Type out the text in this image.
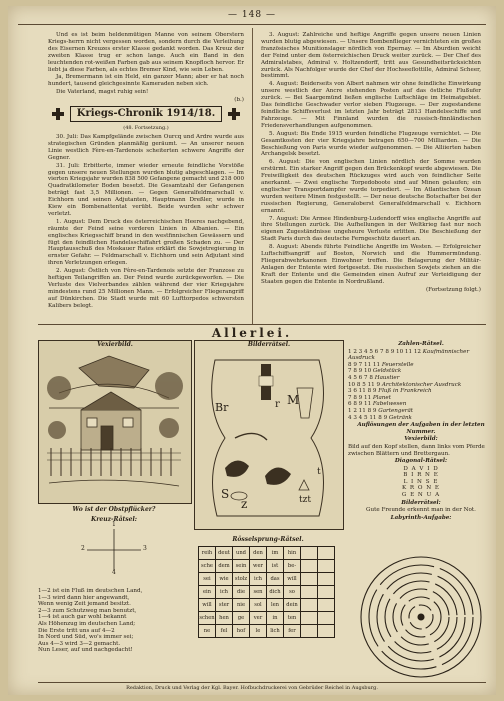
— 148 —

Und es ist beim heldenmütigen Manne von seinem Oberstern Kriegs-herrn nicht vergessen worden, sondern durch die Verleihung des Eisernen Kreuzes erster Klasse gedankt worden. Das Kreuz der zweiten Klasse trug er schon lange. Auch ein Band in den leuchtenden rot-weißen Farben gab aus seinem Knopfloch hervor. Er liebt ja diese Farben, als echtes Bremer Kind, wie sein Leben.

Ja, Bremermann ist ein Held, ein ganzer Mann; aber er hat noch hundert, tausend gleichgesinnte Kameraden neben sich.

Die Vaterland, magst ruhig sein!

(b.)
Kriegs-Chronik 1914/18.
(48. Fortsetzung.)

30. Juli: Das Kampfgelände zwischen Ourcq und Ardre wurde aus strategischen Gründen planmäßig geräumt. — An unserer neuen Linie westlich Fère-en-Tardenois scheiterten schwere Angriffe der Gegner.

31. Juli: Erbitterte, immer wieder erneute feindliche Vorstöße gegen unsere neuen Stellungen wurden blutig abgeschlagen. — Im vierten Kriegsjahr wurden 838 500 Gefangene gemacht und 218 000 Quadratkilometer Boden besetzt. Die Gesamtzahl der Gefangenen beträgt fast 3,5 Millionen. — Gegen Generalfeldmarschall v. Eichhorn und seinen Adjutanten, Hauptmann Dreßler, wurde in Kiew ein Bombenattentat verübt. Beide wurden sehr schwer verletzt.

1. August: Dem Druck des österreichischen Heeres nachgebend, räumte der Feind seine vorderen Linien in Albanien. — Ein englisches Kriegsschiff brand in den westfinnischen Gewässern und fügt den feindlichen Handelsschiffahrt großen Schaden zu. — Der Hauptausschuß des Moskauer Rates erklärt die Sowjetregierung in ernster Gefahr. — Feldmarschall v. Eichhorn und sein Adjutant sind ihren Verletzungen erlegen.

2. August: Östlich von Fère-en-Tardenois setzte der Franzose zu heftigen Teilangriffen an. Der Feind wurde zurückgeworfen. — Die Verluste des Vielverbandes zählen während der vier Kriegsjahre mindestens rund 25 Millionen Mann. — Erfolgreicher Fliegerangriff auf Dünkirchen. Die Stadt wurde mit 60 Lufttorpedos schwersten Kalibers belegt.

3. August: Zahlreiche und heftige Angriffe gegen unsere neuen Linien wurden blutig abgewiesen. — Unsere Bombenflieger vernichteten ein großes französisches Munitionslager nördlich von Epernay. — Im Aburdien weicht der Feind unter dem österreichischen Druck weiter zurück. — Der Chef des Admiralstabes, Admiral v. Holtzendorff, tritt aus Gesundheitsrücksichten zurück. Als Nachfolger wurde der Chef der Hochseeflottille, Admiral Scheer, bestimmt.

4. August: Beiderseits von Albert nahmen wir ohne feindliche Einwirkung unsere westlich der Ancre stehenden Posten auf das östliche Flußufer zurück. — Bei Saargemünd ließen englische Luftschläge im Heimatgebiet. Das feindliche Geschwader verlor sieben Flugzeuge. — Der zugestandene feindliche Schiffsverlust im letzten Jahr beträgt 2813 Handelsschiffe und Fahrzeuge. — Mit Finnland wurden die russisch-finnländischen Friedensverhandlungen aufgenommen.

5. August: Bis Ende 1915 wurden feindliche Flugzeuge vernichtet. — Die Gesamtkosten der vier Kriegsjahre betragen 650—700 Milliarden. — Die Beschießung von Paris wurde wieder aufgenommen. — Die Alliierten haben Archangelsk besetzt.

6. August: Die von englischen Linien nördlich der Somme wurden erstürmt. Ein starker Angriff gegen den Brückenkopf wurde abgewiesen. Die Freiwilligkeit des deutschen Rückzuges wird auch von feindlicher Seite anerkannt. — Zwei englische Torpedoboote sind auf Minen gelaufen; ein englischer Transportdampfer wurde torpediert. — Im Atlantischen Ozean wurden weitere Minen festgestellt. — Der neue deutsche Botschafter bei der russischen Regierung, Generaloberst Generalfeldmarschall v. Eichhorn ernannt.

7. August: Die Armee Hindenburg-Ludendorff wies englische Angriffe auf ihre Stellungen zurück. Die Aufhellungen in der Weltkrieg fast nur noch eigenen Zugeständnisse ungeheure Verluste erlitten. Die Beschießung der Stadt Paris durch das deutsche Ferngeschütz dauert an.

8. August: Abends führte Feindliche Angriffe im Westen. — Erfolgreicher Luftschiffsangriff auf Boston, Norwich und die Hummermündung. Fliegerabwehrkanonen Einwohner treffen. Die Belagerung der Militär-Anlagen der Entente wird fortgesetzt. Die russischen Sowjets ziehen an die Kraft der Entente und die Gemeinden einen Aufruf zur Verteidigung der Staaten gegen die Entente in Nordrußland.

(Fortsetzung folgt.)
Allerlei.
Vexierbild.
Wo ist der Obstpflücker?
Bilderrätsel.
Br	r M
S
z	tzt
t
Zahlen-Rätsel.
1 2 3 4 5 6 7 8 9 10 11 12 Kaufmännischer Ausdruck
8 9 7 11 11 Feuerstelle
7 8 9 10 Geldstück
4 5 6 7 8 Haustier
10 8 5 11 9 Architektonischer Ausdruck
3 6 11 8 9 Fluß in Frankreich
7 8 9 11 Planet
6 8 9 11 Fabelwesen
1 2 11 8 9 Gartengerät
4 3 4 5 11 8 9 Getränk
Auflösungen der Aufgaben in der letzten Nummer.
Vexierbild:
Bild auf den Kopf stellen, dann links vom Pferde zwischen Blättern und Brettergaun.
Diagonal-Rätsel:
D A V I D
B I R N E
L I N S E
K R O N E
G E N U A
Bilderrätsel:
Gute Freunde erkennt man in der Not.
Labyrinth-Aufgabe:
Kreuz-Rätsel:
1
2	3
4
1—2 ist ein Fluß im deutschen Land,
1—3 wird dann hier angewandt,
Wenn wenig Zeit jemand besitzt.
2—3 zum Schutzweg man benutzt,
1—4 ist auch gar wohl bekannt
Als Höhenzug im deutschen Land;
Die Erste tritt uns auf 4—2
In Nord und Süd, wo's immer sei;
Aus 4—3 wird 3—2 gemacht.
Nun Leser, auf und nachgedacht!
Rösselsprung-Rätsel.
reih	deut	und	den	im	hin		
sche	dem	sein	wer	ist	be-		
sei	wie	stolz	ich	das	will		
ein	ich	die	sen	dich	so		
will	ster	nie	sol	len	dein		
schen	hen	ge	ver	in	ten		
ne	fel	hof	le	lich	fer		
Redaktion, Druck und Verlag der Kgl. Bayer. Hofbuchdruckerei von Gebrüder Reichel in Augsburg.
